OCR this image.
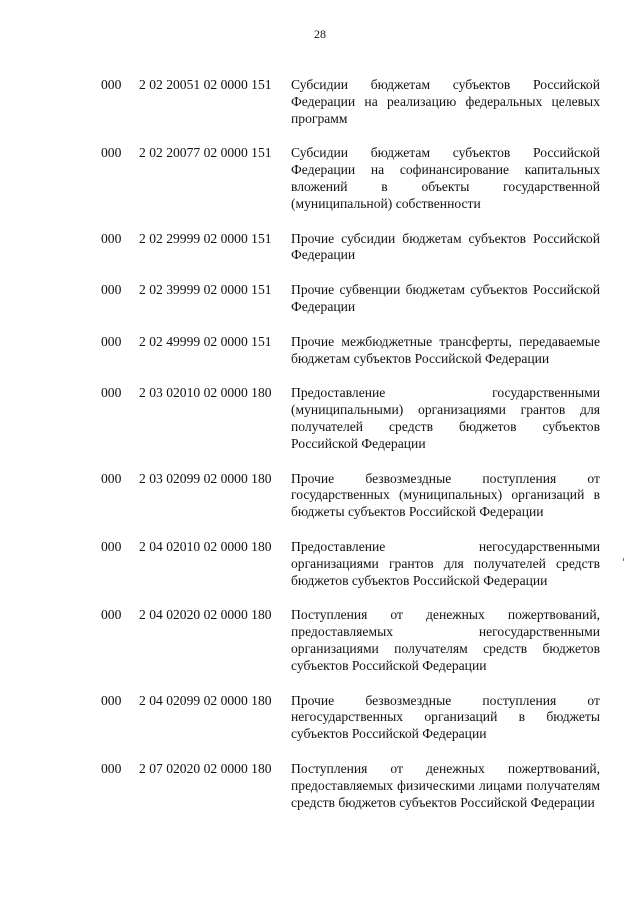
28
000	2 02 20051 02 0000 151	Субсидии бюджетам субъектов Российской Федерации на реализацию федеральных целевых программ
000	2 02 20077 02 0000 151	Субсидии бюджетам субъектов Российской Федерации на софинансирование капитальных вложений в объекты государственной (муниципальной) собственности
000	2 02 29999 02 0000 151	Прочие субсидии бюджетам субъектов Российской Федерации
000	2 02 39999 02 0000 151	Прочие субвенции бюджетам субъектов Российской Федерации
000	2 02 49999 02 0000 151	Прочие межбюджетные трансферты, передаваемые бюджетам субъектов Российской Федерации
000	2 03 02010 02 0000 180	Предоставление государственными (муниципальными) организациями грантов для получателей средств бюджетов субъектов Российской Федерации
000	2 03 02099 02 0000 180	Прочие безвозмездные поступления от государственных (муниципальных) организаций в бюджеты субъектов Российской Федерации
000	2 04 02010 02 0000 180	Предоставление негосударственными организациями грантов для получателей средств бюджетов субъектов Российской Федерации
000	2 04 02020 02 0000 180	Поступления от денежных пожертвований, предоставляемых негосударственными организациями получателям средств бюджетов субъектов Российской Федерации
000	2 04 02099 02 0000 180	Прочие безвозмездные поступления от негосударственных организаций в бюджеты субъектов Российской Федерации
000	2 07 02020 02 0000 180	Поступления от денежных пожертвований, предоставляемых физическими лицами получателям средств бюджетов субъектов Российской Федерации
